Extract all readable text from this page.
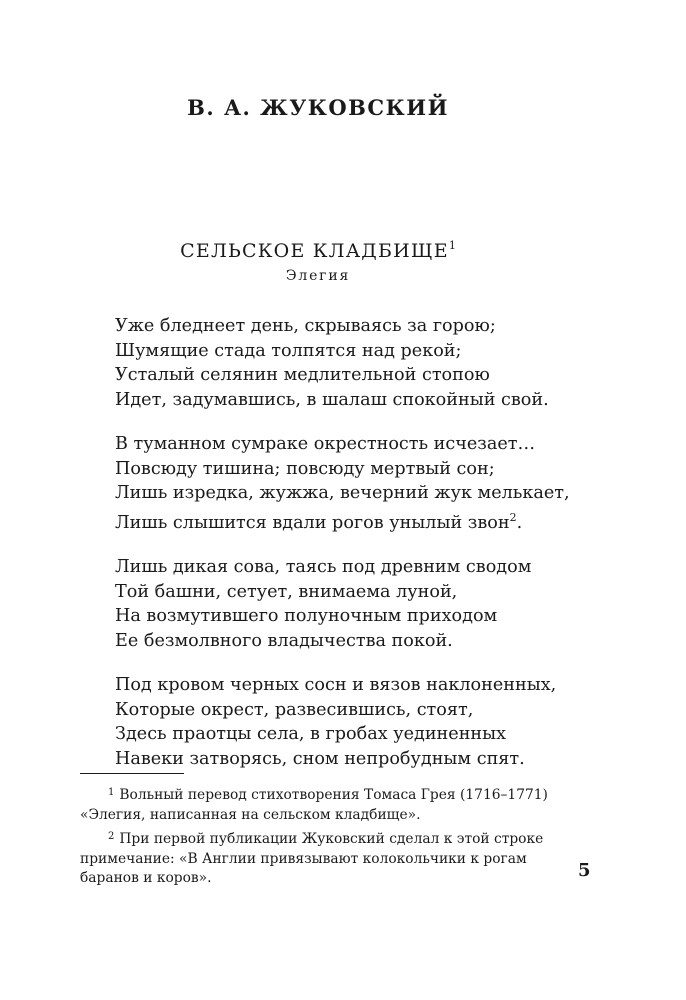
В. А. ЖУКОВСКИЙ
СЕЛЬСКОЕ КЛАДБИЩЕ$^1$
Элегия
Уже бледнеет день, скрываясь за горою;
Шумящие стада толпятся над рекой;
Усталый селянин медлительной стопою
Идет, задумавшись, в шалаш спокойный свой.
В туманном сумраке окрестность исчезает…
Повсюду тишина; повсюду мертвый сон;
Лишь изредка, жужжа, вечерний жук мелькает,
Лишь слышится вдали рогов унылый звон$^2$.
Лишь дикая сова, таясь под древним сводом
Той башни, сетует, внимаема луной,
На возмутившего полуночным приходом
Ее безмолвного владычества покой.
Под кровом черных сосн и вязов наклоненных,
Которые окрест, развесившись, стоят,
Здесь праотцы села, в гробах уединенных
Навеки затворясь, сном непробудным спят.

$^1$ Вольный перевод стихотворения Томаса Грея (1716–1771) «Элегия, написанная на сельском кладбище».

$^2$ При первой публикации Жуковский сделал к этой строке примечание: «В Англии привязывают колокольчики к рогам баранов и коров».	5
